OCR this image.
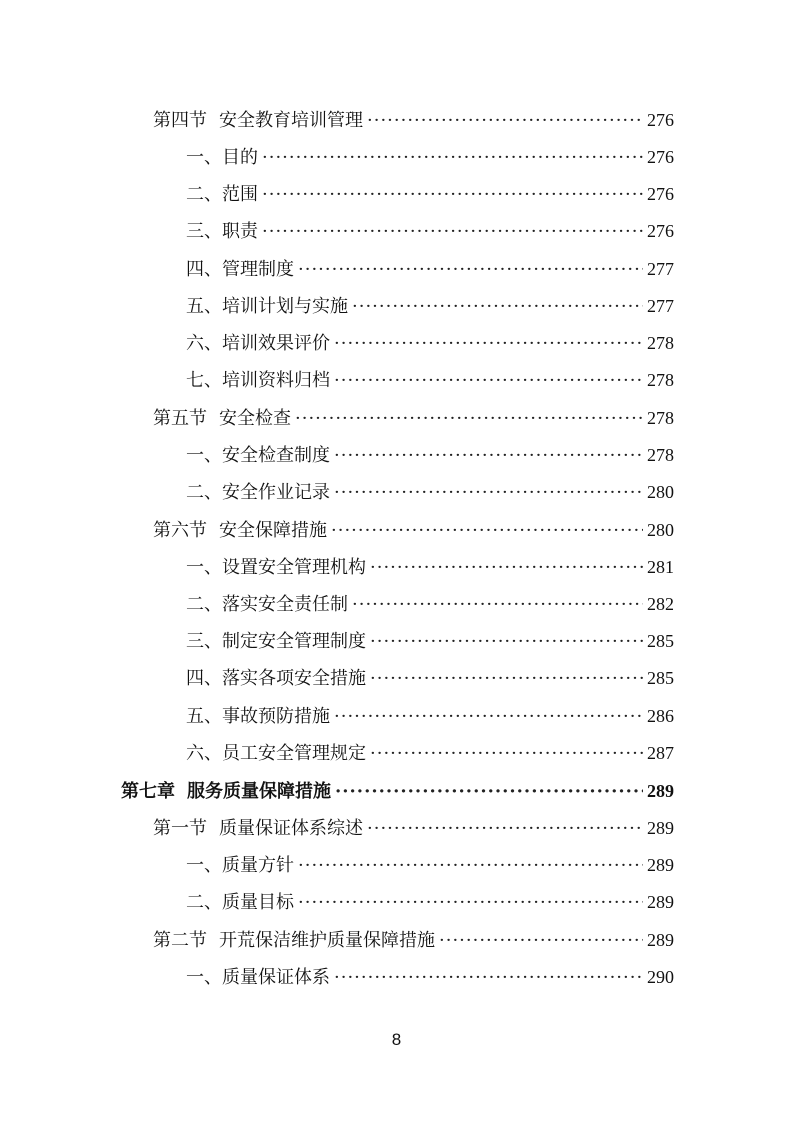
第四节 安全教育培训管理 ·····	276
一、目的 ·····	276
二、范围 ·····	276
三、职责 ·····	276
四、管理制度 ·····	277
五、培训计划与实施 ·····	277
六、培训效果评价 ·····	278
七、培训资料归档 ·····	278
第五节 安全检查 ·····	278
一、安全检查制度 ·····	278
二、安全作业记录 ·····	280
第六节 安全保障措施 ·····	280
一、设置安全管理机构 ·····	281
二、落实安全责任制 ·····	282
三、制定安全管理制度 ·····	285
四、落实各项安全措施 ·····	285
五、事故预防措施 ·····	286
六、员工安全管理规定 ·····	287
第七章 服务质量保障措施 ·····	289
第一节 质量保证体系综述 ·····	289
一、质量方针 ·····	289
二、质量目标 ·····	289
第二节 开荒保洁维护质量保障措施 ·····	289
一、质量保证体系 ·····	290
8
